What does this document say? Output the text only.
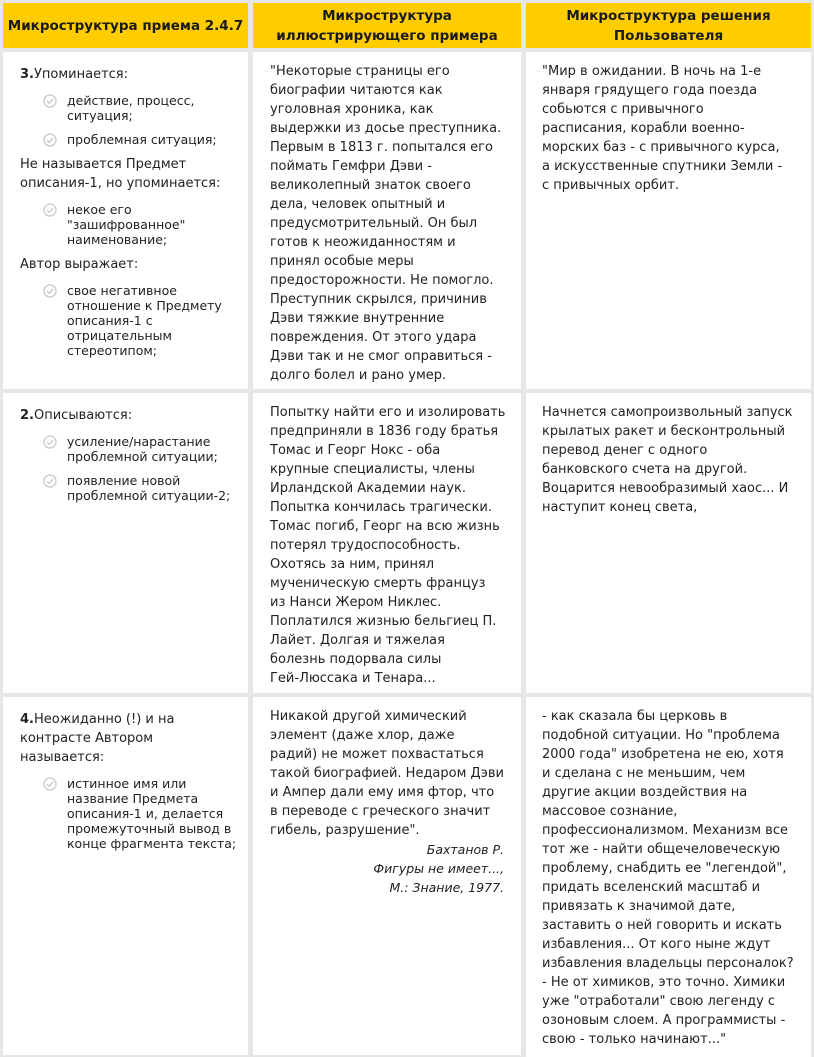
Микроструктура приема 2.4.7
Микроструктура
иллюстрирующего примера
Микроструктура решения
Пользователя
3.Упоминается:
действие, процесс, ситуация;
проблемная ситуация;
Не называется Предмет описания-1, но упоминается:
некое его "зашифрованное" наименование;
Автор выражает:
свое негативное отношение к Предмету описания-1 с отрицательным стереотипом;
"Некоторые страницы его
биографии читаются как
уголовная хроника, как
выдержки из досье преступника.
Первым в 1813 г. попытался его
поймать Гемфри Дэви -
великолепный знаток своего
дела, человек опытный и
предусмотрительный. Он был
готов к неожиданностям и
принял особые меры
предосторожности. Не помогло.
Преступник скрылся, причинив
Дэви тяжкие внутренние
повреждения. От этого удара
Дэви так и не смог оправиться -
долго болел и рано умер.
"Мир в ожидании. В ночь на 1-е
января грядущего года поезда
собьются с привычного
расписания, корабли военно-
морских баз - с привычного курса,
а искусственные спутники Земли -
с привычных орбит.
2.Описываются:
усиление/нарастание проблемной ситуации;
появление новой проблемной ситуации-2;
Попытку найти его и изолировать
предприняли в 1836 году братья
Томас и Георг Нокс - оба
крупные специалисты, члены
Ирландской Академии наук.
Попытка кончилась трагически.
Томас погиб, Георг на всю жизнь
потерял трудоспособность.
Охотясь за ним, принял
мученическую смерть француз
из Нанси Жером Никлес.
Поплатился жизнью бельгиец П.
Лайет. Долгая и тяжелая
болезнь подорвала силы
Гей-Люссака и Тенара...
Начнется самопроизвольный запуск
крылатых ракет и бесконтрольный
перевод денег с одного
банковского счета на другой.
Воцарится невообразимый хаос... И
наступит конец света,
4.Неожиданно (!) и на контрасте Автором называется:
истинное имя или название Предмета описания-1 и, делается промежуточный вывод в конце фрагмента текста;
Никакой другой химический
элемент (даже хлор, даже
радий) не может похвастаться
такой биографией. Недаром Дэви
и Ампер дали ему имя фтор, что
в переводе с греческого значит
гибель, разрушение".
Бахтанов Р.
Фигуры не имеет...,
М.: Знание, 1977.
- как сказала бы церковь в
подобной ситуации. Но "проблема
2000 года" изобретена не ею, хотя
и сделана с не меньшим, чем
другие акции воздействия на
массовое сознание,
профессионализмом. Механизм все
тот же - найти общечеловеческую
проблему, снабдить ее "легендой",
придать вселенский масштаб и
привязать к значимой дате,
заставить о ней говорить и искать
избавления... От кого ныне ждут
избавления владельцы персоналок?
- Не от химиков, это точно. Химики
уже "отработали" свою легенду с
озоновым слоем. А программисты -
свою - только начинают..."
